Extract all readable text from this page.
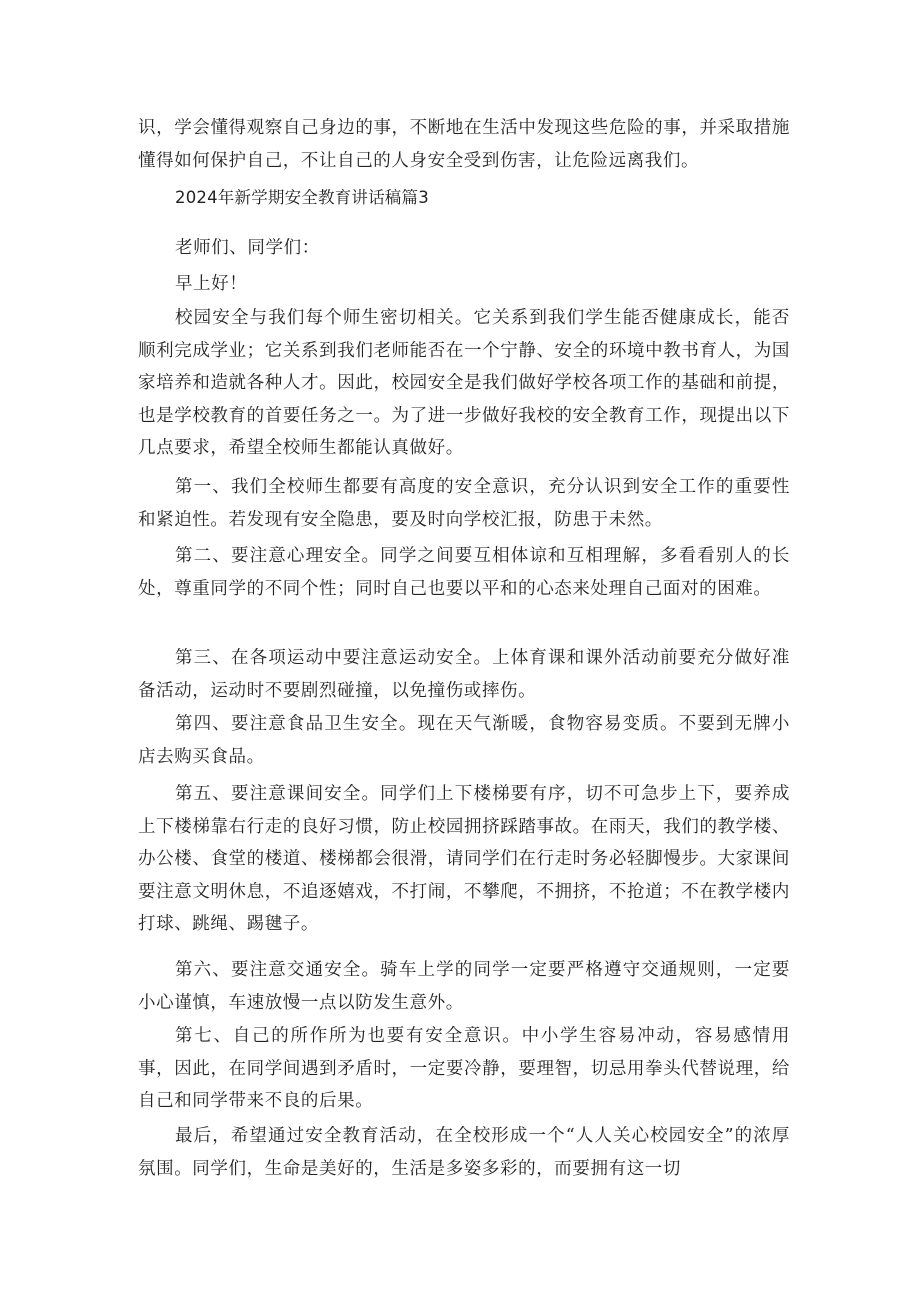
识，学会懂得观察自己身边的事，不断地在生活中发现这些危险的事，并采取措施懂得如何保护自己，不让自己的人身安全受到伤害，让危险远离我们。

2024年新学期安全教育讲话稿篇3

老师们、同学们：

早上好！

校园安全与我们每个师生密切相关。它关系到我们学生能否健康成长，能否顺利完成学业；它关系到我们老师能否在一个宁静、安全的环境中教书育人，为国家培养和造就各种人才。因此，校园安全是我们做好学校各项工作的基础和前提，也是学校教育的首要任务之一。为了进一步做好我校的安全教育工作，现提出以下几点要求，希望全校师生都能认真做好。

第一、我们全校师生都要有高度的安全意识，充分认识到安全工作的重要性和紧迫性。若发现有安全隐患，要及时向学校汇报，防患于未然。

第二、要注意心理安全。同学之间要互相体谅和互相理解，多看看别人的长处，尊重同学的不同个性；同时自己也要以平和的心态来处理自己面对的困难。

第三、在各项运动中要注意运动安全。上体育课和课外活动前要充分做好准备活动，运动时不要剧烈碰撞，以免撞伤或摔伤。

第四、要注意食品卫生安全。现在天气渐暖，食物容易变质。不要到无牌小店去购买食品。

第五、要注意课间安全。同学们上下楼梯要有序，切不可急步上下，要养成上下楼梯靠右行走的良好习惯，防止校园拥挤踩踏事故。在雨天，我们的教学楼、办公楼、食堂的楼道、楼梯都会很滑，请同学们在行走时务必轻脚慢步。大家课间要注意文明休息，不追逐嬉戏，不打闹，不攀爬，不拥挤，不抢道；不在教学楼内打球、跳绳、踢毽子。

第六、要注意交通安全。骑车上学的同学一定要严格遵守交通规则，一定要小心谨慎，车速放慢一点以防发生意外。

第七、自己的所作所为也要有安全意识。中小学生容易冲动，容易感情用事，因此，在同学间遇到矛盾时，一定要冷静，要理智，切忌用拳头代替说理，给自己和同学带来不良的后果。

最后，希望通过安全教育活动，在全校形成一个“人人关心校园安全”的浓厚氛围。同学们，生命是美好的，生活是多姿多彩的，而要拥有这一切
